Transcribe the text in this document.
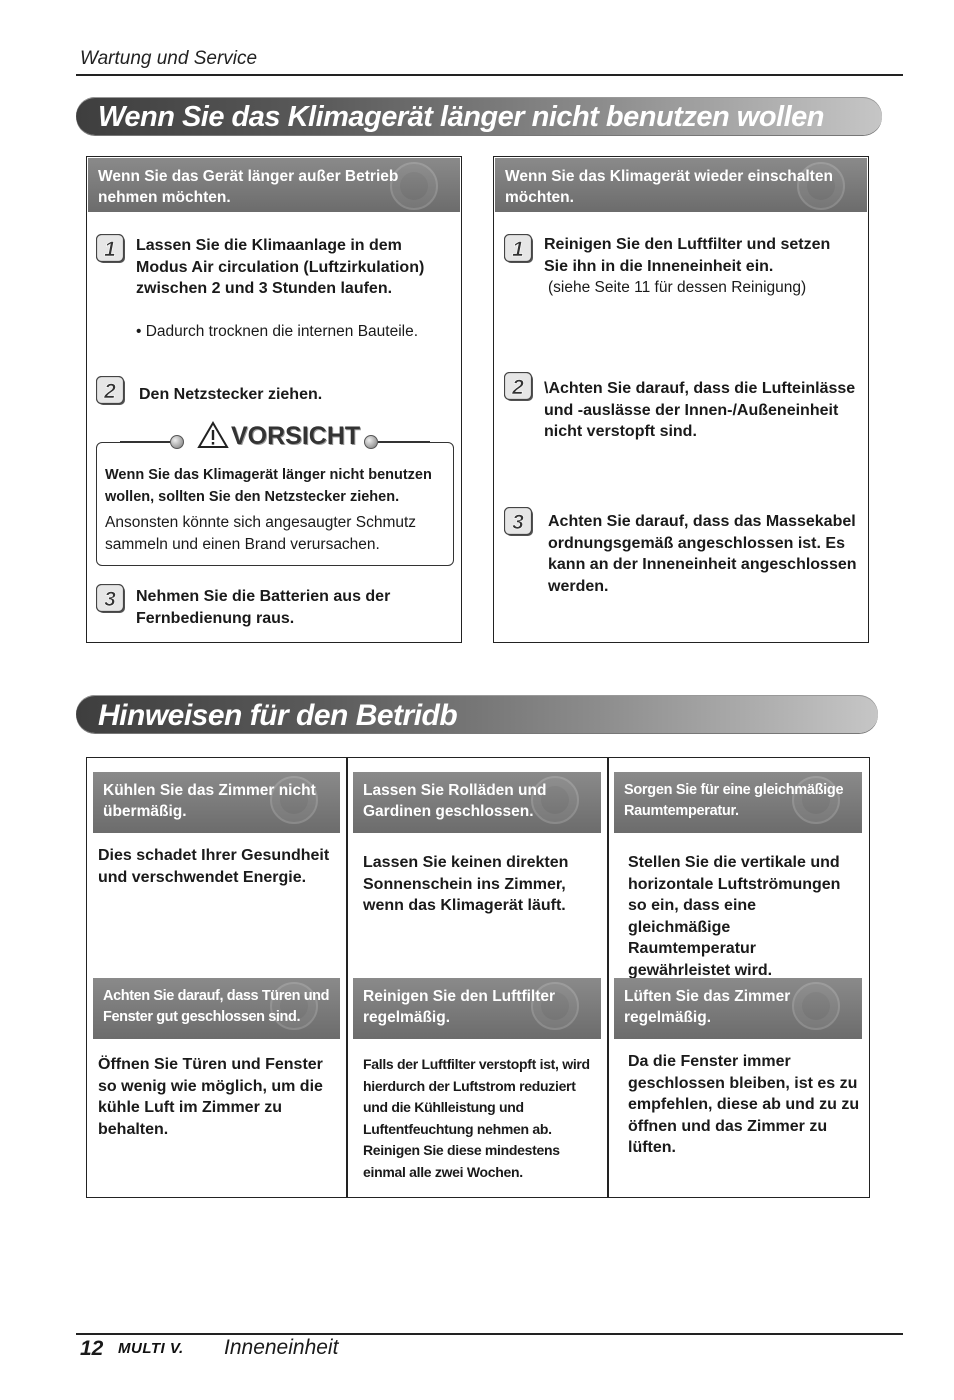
Wartung und Service
Wenn Sie das Klimagerät länger nicht benutzen wollen
Wenn Sie das Gerät länger außer Betrieb nehmen möchten.
1 Lassen Sie die Klimaanlage in dem Modus Air circulation (Luftzirkulation) zwischen 2 und 3 Stunden laufen.
• Dadurch trocknen die internen Bauteile.
2 Den Netzstecker ziehen.
VORSICHT
Wenn Sie das Klimagerät länger nicht benutzen wollen, sollten Sie den Netzstecker ziehen.
Ansonsten könnte sich angesaugter Schmutz sammeln und einen Brand verursachen.
3 Nehmen Sie die Batterien aus der Fernbedienung raus.
Wenn Sie das Klimagerät wieder einschalten möchten.
1 Reinigen Sie den Luftfilter und setzen Sie ihn in die Inneneinheit ein.
(siehe Seite 11 für dessen Reinigung)
2 \Achten Sie darauf, dass die Lufteinlässe und -auslässe der Innen-/Außeneinheit nicht verstopft sind.
3 Achten Sie darauf, dass das Massekabel ordnungsgemäß angeschlossen ist. Es kann an der Inneneinheit angeschlossen werden.
Hinweisen für den Betridb
Kühlen Sie das Zimmer nicht übermäßig.
Lassen Sie Rolläden und Gardinen geschlossen.
Sorgen Sie für eine gleichmäßige Raumtemperatur.
Dies schadet Ihrer Gesundheit und verschwendet Energie.
Lassen Sie keinen direkten Sonnenschein ins Zimmer, wenn das Klimagerät läuft.
Stellen Sie die vertikale und horizontale Luftströmungen so ein, dass eine gleichmäßige Raumtemperatur gewährleistet wird.
Achten Sie darauf, dass Türen und Fenster gut geschlossen sind.
Reinigen Sie den Luftfilter regelmäßig.
Lüften Sie das Zimmer regelmäßig.
Öffnen Sie Türen und Fenster so wenig wie möglich, um die kühle Luft im Zimmer zu behalten.
Falls der Luftfilter verstopft ist, wird hierdurch der Luftstrom reduziert und die Kühlleistung und Luftentfeuchtung nehmen ab. Reinigen Sie diese mindestens einmal alle zwei Wochen.
Da die Fenster immer geschlossen bleiben, ist es zu empfehlen, diese ab und zu zu öffnen und das Zimmer zu lüften.
12 MULTI V. Inneneinheit
